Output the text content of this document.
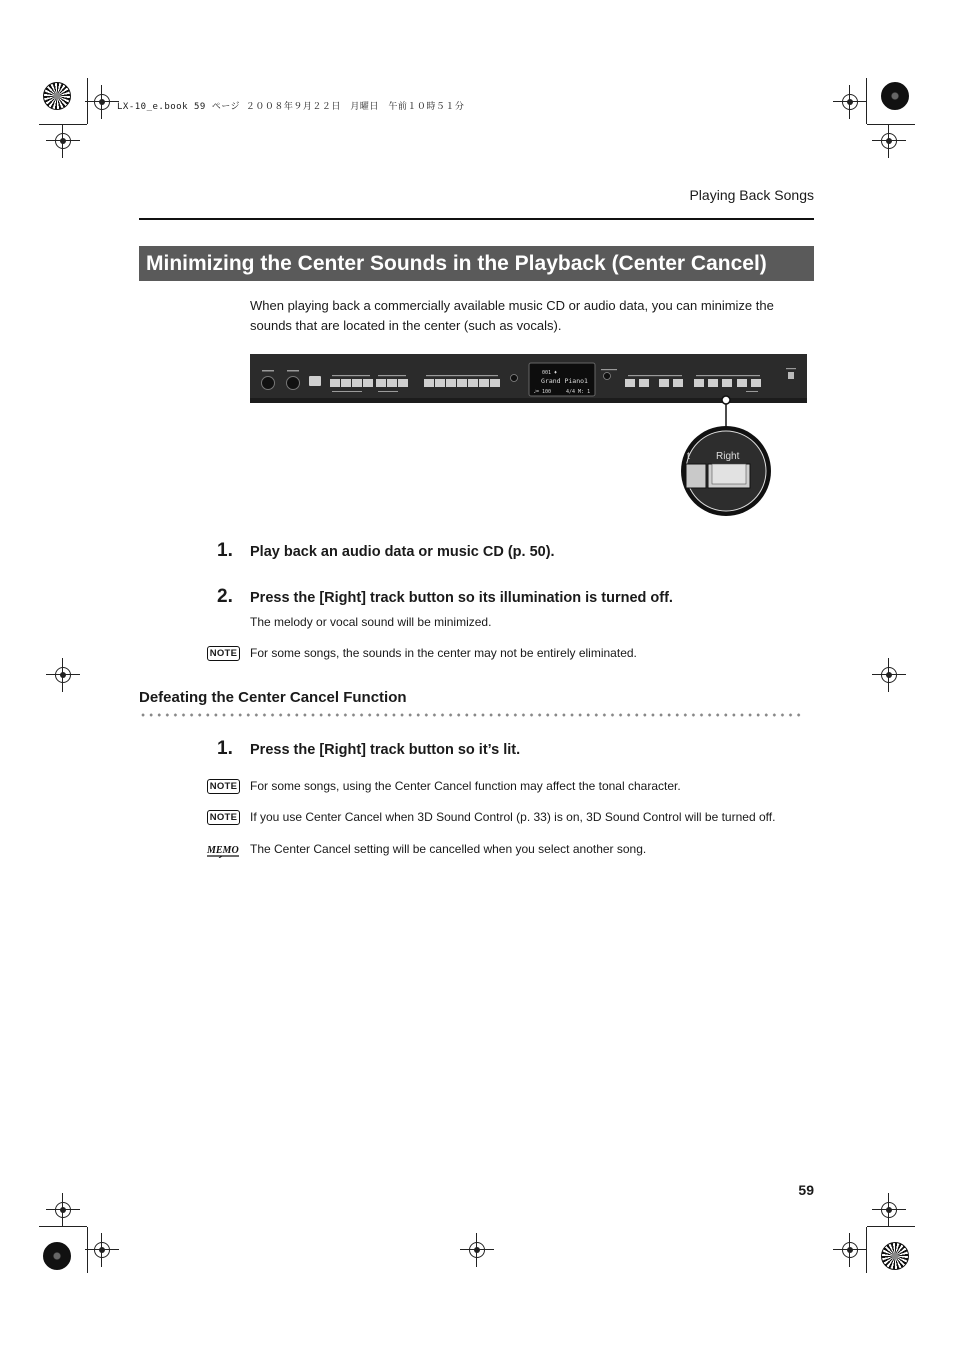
LX-10_e.book 59 ページ ２００８年９月２２日　月曜日　午前１０時５１分
Playing Back Songs
Minimizing the Center Sounds in the Playback (Center Cancel)

When playing back a commercially available music CD or audio data, you can minimize the sounds that are located in the center (such as vocals).

001 ♦
Grand Piano1
♩= 100	4/4 M: 1
t	Right
1. Play back an audio data or music CD (p. 50).
2. Press the [Right] track button so its illumination is turned off.
The melody or vocal sound will be minimized.
NOTE For some songs, the sounds in the center may not be entirely eliminated.
Defeating the Center Cancel Function
1. Press the [Right] track button so it’s lit.
NOTE For some songs, using the Center Cancel function may affect the tonal character.
NOTE If you use Center Cancel when 3D Sound Control (p. 33) is on, 3D Sound Control will be turned off.
MEMO The Center Cancel setting will be cancelled when you select another song.
59
